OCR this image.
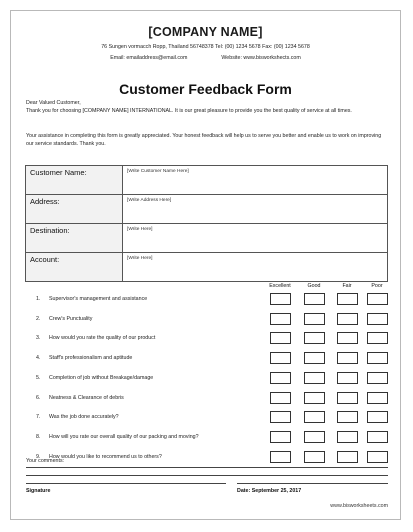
[COMPANY NAME]
76 Sungen vormacch Ropp, Thailand 56748378 Tel: (00) 1234 5678 Fax: (00) 1234 5678
Email: emailaddress@email.com	Website: www.bisworkshects.com
Customer Feedback Form
Dear Valued Customer,
Thank you for choosing [COMPANY NAME] INTERNATIONAL. It is our great pleasure to provide you the best quality of service at all times.
Your assistance in completing this form is greatly appreciated. Your honest feedback will help us to serve you better and enable us to work on improving our service standards. Thank you.
Customer Name:	[Write Customer Name Here]
Address:	[Write Address Here]
Destination:	[Write Here]
Account:	[Write Here]
Excellent	Good	Fair	Poor
1. Supervisor's management and assistance
2. Crew's Punctuality
3. How would you rate the quality of our product
4. Staff's professionalism and aptitude
5. Completion of job without Breakage/damage
6. Neatness & Clearance of debris
7. Was the job done accurately?
8. How will you rate our overall quality of our packing and moving?
9. How would you like to recommend us to others?
Your comments:
Signature	Date: September 25, 2017
www.bisworksheets.com
